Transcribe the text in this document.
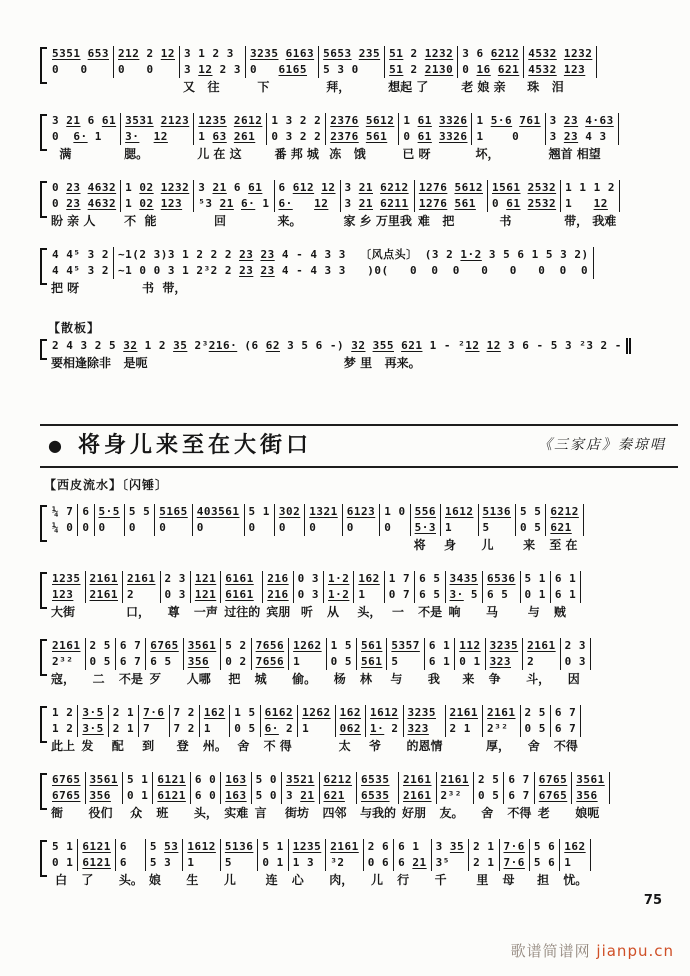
5351 653
0   0
212 2 12
0   0
3 1 2 3
3 12 2 3
又   往
3235 6163
0   6165
下
5653 235
5 3 0
拜，
51 2 1232
51 2 2130
想起 了
3 6 6212
0 16 621
老 娘 亲
4532 1232
4532 123
珠   泪
3 21 6 61
0  6· 1
满
3531 2123
3· 12
腮。
1235 2612
1 63 261
儿 在 这
1 3 2 2
0 3 2 2
番 邦 城
2376 5612
2376 561
冻   饿
1 61 3326
0 61 3326
已 呀
1 5·6 761
1    0
坏，
3 23 4·63
3 23 4 3
翘首 相望
0 23 4632
0 23 4632
盼 亲 人
1 02 1232
1 02 123
不  能
3 21 6 61
⁵3 21 6· 1
回
6 612 12
6· 12
来。
3 21 6212
3 21 6211
家 乡 万里我
1276 5612
1276 561
难   把
1561 2532
0 61 2532
书
1 1 1 2
1   12
带， 我难
4 4⁵ 3 2
4 4⁵ 3 2
把 呀
~1(2 3)3 1 2 2 2 23 23 4 - 4 3 3  〔风点头〕 (3 2 1·2 3 5 6 1 5 3 2)
~1 0 0 3 1 2³2 2 23 23 4 - 4 3 3   )0(   0  0  0   0   0   0  0  0
书  带，
【散板】
2 4 3 2 5 32 1 2 35 2³216· (6 62 3 5 6 -) 32 355 621 1 - ²12 12 3 6 - 5 3 ²3 2 -
要相逢除非   是呃                                               梦 里   再来。
● 将身儿来至在大街口	《三家店》秦琼唱
【西皮流水】〔闪锤〕
¼ 7
¼ 0
6
0
5·5
0
5 5
0
5165
0
403561
0
5 1
0
302
0
1321
0
6123
0
1 0
0
556
5·3
将
1612
1
身
5136
5
儿
5 5
0 5
来
6212
621
至 在
1235
123
大街
2161
2161
2161
2
口，
2 3
0 3
尊
121
121
一声
6161
6161
过往的
216
216
宾朋
0 3
0 3
听
1·2
1·2
从
162
1
头，
1 7
0 7
一
6 5
6 5
不是
3435
3· 5
响
6536
6 5
马
5 1
0 1
与
6 1
6 1
贼
2161
2³²
寇，
2 5
0 5
二
6 7
6 7
不是
6765
6 5
歹
3561
356
人哪
5 2
0 2
把
7656
7656
城
1262
1
偷。
1 5
0 5
杨
561
561
林
5357
5
与
6 1
6 1
我
112
0 1
来
3235
323
争
2161
2
斗，
2 3
0 3
因
1 2
1 2
此上
3·5
3·5
发
2 1
2 1
配
7·6
7
到
7 2
7 2
登
162
1
州。
1 5
0 5
舍
6162
6· 2
不 得
1262
1
162
062
太
1612
1· 2
爷
3235
323
的恩情
2161
2 1
2161
2³²
厚，
2 5
0 5
舍
6 7
6 7
不得
6765
6765
衙
3561
356
役们
5 1
0 1
众
6121
6121
班
6 0
6 0
头，
163
163
实难
5 0
5 0
言
3521
3 21
街坊
6212
621
四邻
6535
6535
与我的
2161
2161
好朋
2161
2³²
友。
2 5
0 5
舍
6 7
6 7
不得
6765
6765
老
3561
356
娘呃
5 1
0 1
白
6121
6121
了
6
6
头。
5 53
5 3
娘
1612
1
生
5136
5
儿
5 1
0 1
连
1235
1 3
心
2161
³2
肉，
2 6
0 6
儿
6 1
6 21
行
3 35
3⁵
千
2 1
2 1
里
7·6
7·6
母
5 6
5 6
担
162
1
忧。
75
歌谱简谱网 jianpu.cn
